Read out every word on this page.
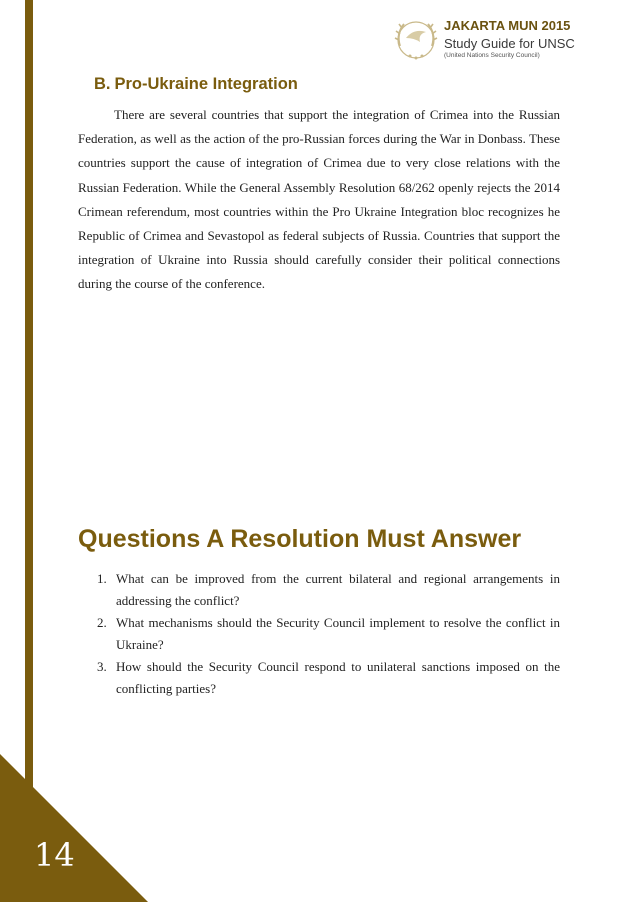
14
JAKARTA MUN 2015
Study Guide for UNSC
(United Nations Security Council)
B. Pro-Ukraine Integration

There are several countries that support the integration of Crimea into the Russian Federation, as well as the action of the pro-Russian forces during the War in Donbass. These countries support the cause of integration of Crimea due to very close relations with the Russian Federation. While the General Assembly Resolution 68/262 openly rejects the 2014 Crimean referendum, most countries within the Pro Ukraine Integration bloc recognizes he Republic of Crimea and Sevastopol as federal subjects of Russia. Countries that support the integration of Ukraine into Russia should carefully consider their political connections during the course of the conference.

Questions A Resolution Must Answer
1. What can be improved from the current bilateral and regional arrangements in addressing the conflict?
2. What mechanisms should the Security Council implement to resolve the conflict in Ukraine?
3. How should the Security Council respond to unilateral sanctions imposed on the conflicting parties?
